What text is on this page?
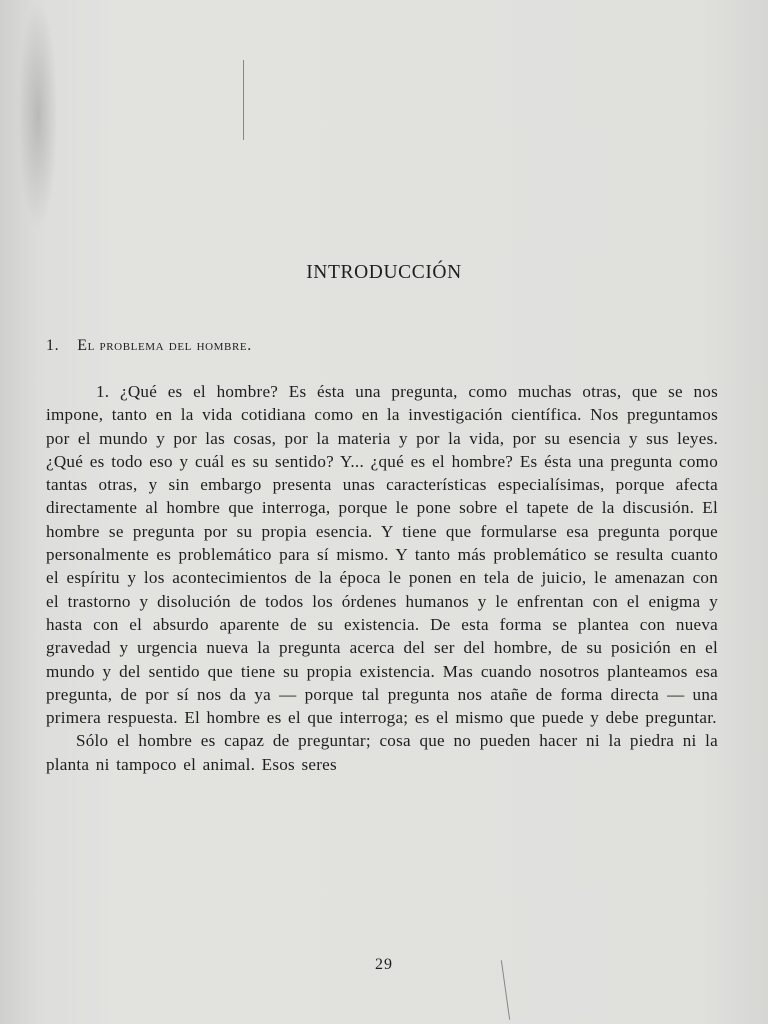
INTRODUCCIÓN
1. El problema del hombre.

1. ¿Qué es el hombre? Es ésta una pregunta, como muchas otras, que se nos impone, tanto en la vida cotidiana como en la investigación científica. Nos preguntamos por el mundo y por las cosas, por la materia y por la vida, por su esencia y sus leyes. ¿Qué es todo eso y cuál es su sentido? Y... ¿qué es el hombre? Es ésta una pregunta como tantas otras, y sin embargo presenta unas características especialísimas, porque afecta directamente al hombre que interroga, porque le pone sobre el tapete de la discusión. El hombre se pregunta por su propia esencia. Y tiene que formularse esa pregunta porque personalmente es problemático para sí mismo. Y tanto más problemático se resulta cuanto el espíritu y los acontecimientos de la época le ponen en tela de juicio, le amenazan con el trastorno y disolución de todos los órdenes humanos y le enfrentan con el enigma y hasta con el absurdo aparente de su existencia. De esta forma se plantea con nueva gravedad y urgencia nueva la pregunta acerca del ser del hombre, de su posición en el mundo y del sentido que tiene su propia existencia. Mas cuando nosotros planteamos esa pregunta, de por sí nos da ya — porque tal pregunta nos atañe de forma directa — una primera respuesta. El hombre es el que interroga; es el mismo que puede y debe preguntar.

Sólo el hombre es capaz de preguntar; cosa que no pueden hacer ni la piedra ni la planta ni tampoco el animal. Esos seres

29
